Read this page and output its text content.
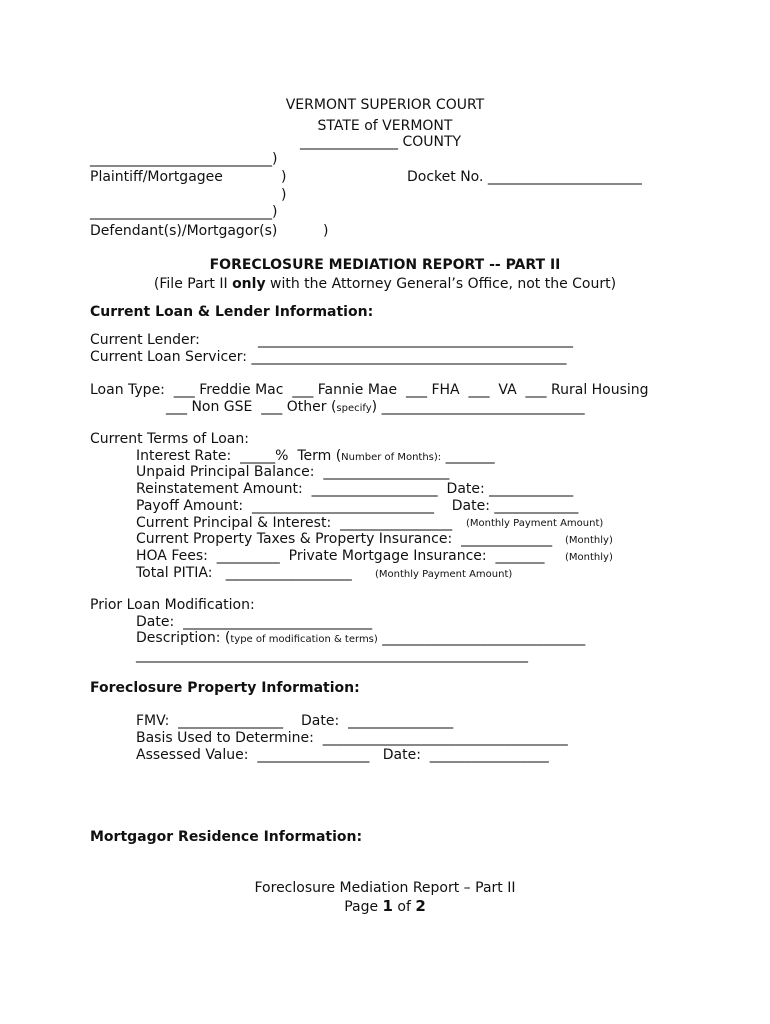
VERMONT SUPERIOR COURT
STATE of VERMONT
______________ COUNTY
__________________________)
Plaintiff/Mortgagee	)	Docket No. ______________________
)
__________________________)
Defendant(s)/Mortgagor(s)	)
FORECLOSURE MEDIATION REPORT -- PART II
(File Part II only with the Attorney General’s Office, not the Court)
Current Loan & Lender Information:
Current Lender:	_____________________________________________
Current Loan Servicer: _____________________________________________
Loan Type:  ___ Freddie Mac  ___ Fannie Mae  ___ FHA  ___  VA  ___ Rural Housing
___ Non GSE  ___ Other (specify) _____________________________
Current Terms of Loan:
Interest Rate:  _____%  Term (Number of Months): _______
Unpaid Principal Balance:  __________________
Reinstatement Amount:  __________________  Date: ____________
Payoff Amount:  __________________________    Date: ____________
Current Principal & Interest:  ________________ (Monthly Payment Amount)
Current Property Taxes & Property Insurance:  _____________ (Monthly)
HOA Fees:  _________  Private Mortgage Insurance:  _______ (Monthly)
Total PITIA:   __________________ (Monthly Payment Amount)
Prior Loan Modification:
Date:  ___________________________
Description: (type of modification & terms) _____________________________
________________________________________________________
Foreclosure Property Information:
FMV:  _______________    Date:  _______________
Basis Used to Determine:  ___________________________________
Assessed Value:  ________________   Date:  _________________
Mortgagor Residence Information:
Foreclosure Mediation Report – Part II
Page 1 of 2
